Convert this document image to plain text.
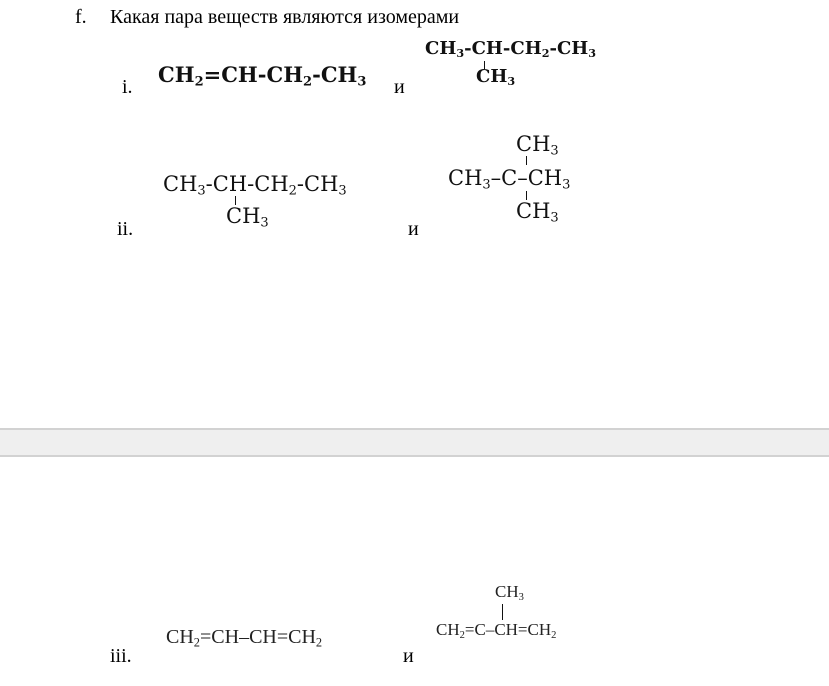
f. Какая пара веществ являются изомерами
i. $CH_2=CH-CH_2-CH_3$ и
$CH_3-CH-CH_2-CH_3$
$CH_3$
ii.
$CH_3-CH-CH_2-CH_3$
$CH_3$	и
$CH_3$
$CH_3-C-CH_3$
$CH_3$
iii.
$CH_2=CH-CH=CH_2$
и
$CH_3$
$CH_2=C-CH=CH_2$
